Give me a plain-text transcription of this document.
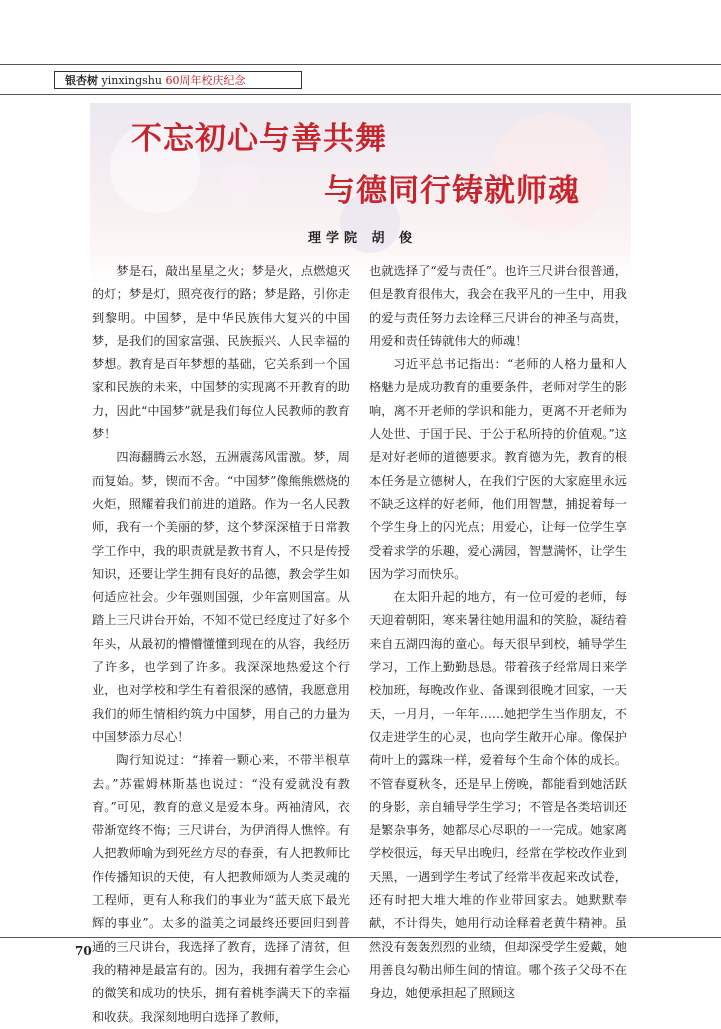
银杏树 yinxingshu 60周年校庆纪念
不忘初心与善共舞
与德同行铸就师魂
理学院 胡 俊

梦是石，敲出星星之火；梦是火，点燃熄灭的灯；梦是灯，照亮夜行的路；梦是路，引你走到黎明。中国梦，是中华民族伟大复兴的中国梦，是我们的国家富强、民族振兴、人民幸福的梦想。教育是百年梦想的基础，它关系到一个国家和民族的未来，中国梦的实现离不开教育的助力，因此“中国梦”就是我们每位人民教师的教育梦！

四海翻腾云水怒，五洲震荡风雷激。梦，周而复始。梦，锲而不舍。“中国梦”像熊熊燃烧的火炬，照耀着我们前进的道路。作为一名人民教师，我有一个美丽的梦，这个梦深深植于日常教学工作中，我的职责就是教书育人，不只是传授知识，还要让学生拥有良好的品德，教会学生如何适应社会。少年强则国强，少年富则国富。从踏上三尺讲台开始，不知不觉已经度过了好多个年头，从最初的懵懵懂懂到现在的从容，我经历了许多，也学到了许多。我深深地热爱这个行业，也对学校和学生有着很深的感情，我愿意用我们的师生情相约筑力中国梦，用自己的力量为中国梦添力尽心！

陶行知说过：“捧着一颗心来，不带半根草去。”苏霍姆林斯基也说过：“没有爱就没有教育。”可见，教育的意义是爱本身。两袖清风，衣带渐宽终不悔；三尺讲台，为伊消得人憔悴。有人把教师喻为到死丝方尽的春蚕，有人把教师比作传播知识的天使，有人把教师颂为人类灵魂的工程师，更有人称我们的事业为“蓝天底下最光辉的事业”。太多的溢美之词最终还要回归到普通的三尺讲台，我选择了教育，选择了清贫，但我的精神是最富有的。因为，我拥有着学生会心的微笑和成功的快乐，拥有着桃李满天下的幸福和收获。我深刻地明白选择了教师，

也就选择了“爱与责任”。也许三尺讲台很普通，但是教育很伟大，我会在我平凡的一生中，用我的爱与责任努力去诠释三尺讲台的神圣与高贵，用爱和责任铸就伟大的师魂！

习近平总书记指出：“老师的人格力量和人格魅力是成功教育的重要条件，老师对学生的影响，离不开老师的学识和能力，更离不开老师为人处世、于国于民、于公于私所持的价值观。”这是对好老师的道德要求。教育德为先，教育的根本任务是立德树人，在我们宁医的大家庭里永远不缺乏这样的好老师，他们用智慧，捕捉着每一个学生身上的闪光点；用爱心，让每一位学生享受着求学的乐趣，爱心满园，智慧满怀，让学生因为学习而快乐。

在太阳升起的地方，有一位可爱的老师，每天迎着朝阳，寒来暑往她用温和的笑脸，凝结着来自五湖四海的童心。每天很早到校，辅导学生学习，工作上勤勤恳恳。带着孩子经常周日来学校加班，每晚改作业、备课到很晚才回家，一天天，一月月，一年年……她把学生当作朋友，不仅走进学生的心灵，也向学生敞开心扉。像保护荷叶上的露珠一样，爱着每个生命个体的成长。不管春夏秋冬，还是早上傍晚，都能看到她活跃的身影，亲自辅导学生学习；不管是各类培训还是繁杂事务，她都尽心尽职的一一完成。她家离学校很远，每天早出晚归，经常在学校改作业到天黑，一遇到学生考试了经常半夜起来改试卷，还有时把大堆大堆的作业带回家去。她默默奉献，不计得失，她用行动诠释着老黄牛精神。虽然没有轰轰烈烈的业绩，但却深受学生爱戴，她用善良勾勒出师生间的情谊。哪个孩子父母不在身边，她便承担起了照顾这

70
